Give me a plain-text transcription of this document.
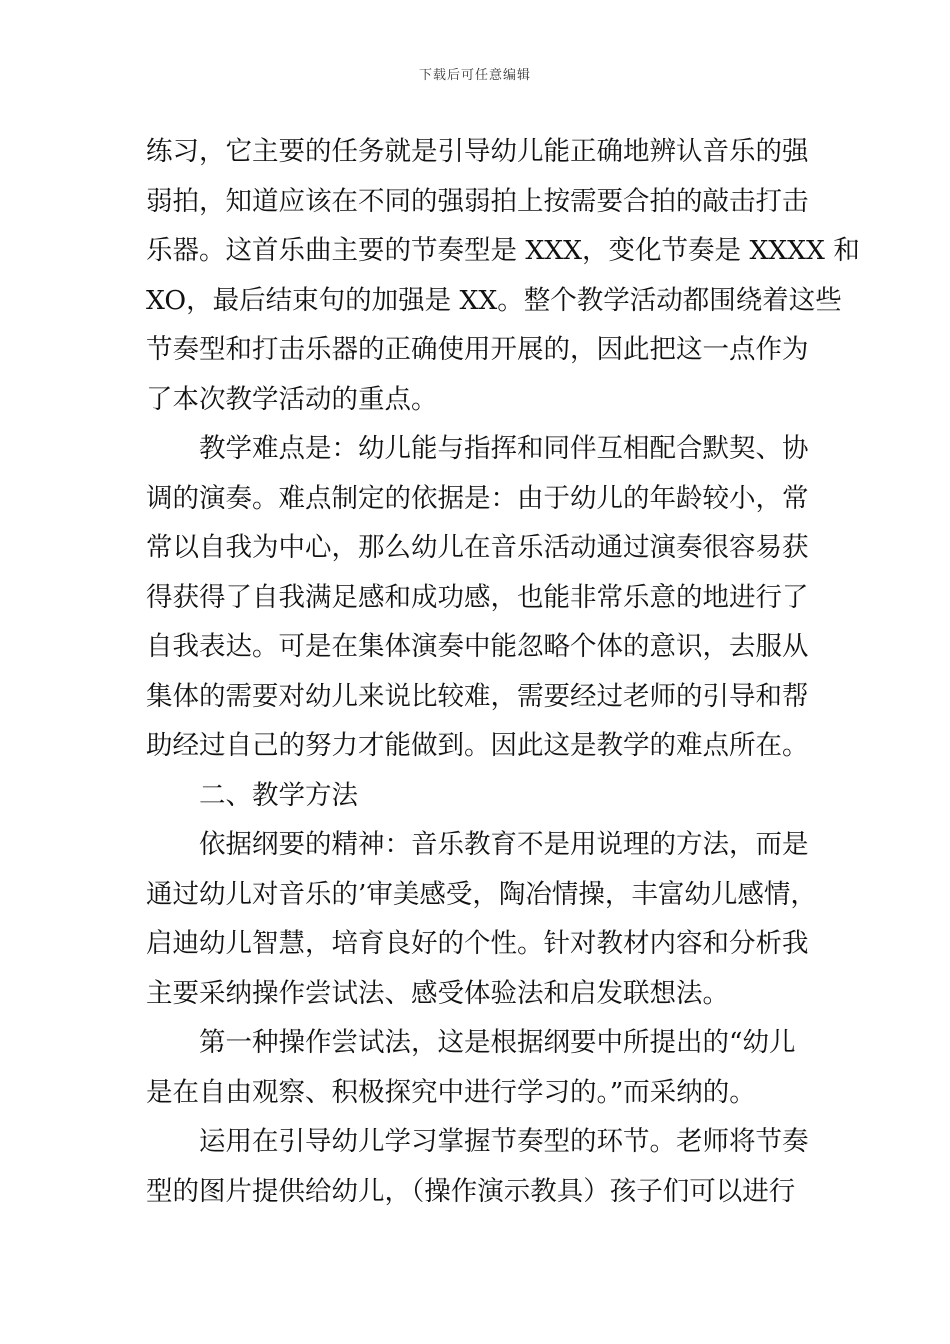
下载后可任意编辑
练习，它主要的任务就是引导幼儿能正确地辨认音乐的强
弱拍，知道应该在不同的强弱拍上按需要合拍的敲击打击
乐器。这首乐曲主要的节奏型是 XXX，变化节奏是 XXXX 和
XO，最后结束句的加强是 XX。整个教学活动都围绕着这些
节奏型和打击乐器的正确使用开展的，因此把这一点作为
了本次教学活动的重点。
教学难点是：幼儿能与指挥和同伴互相配合默契、协
调的演奏。难点制定的依据是：由于幼儿的年龄较小，常
常以自我为中心，那么幼儿在音乐活动通过演奏很容易获
得获得了自我满足感和成功感，也能非常乐意的地进行了
自我表达。可是在集体演奏中能忽略个体的意识，去服从
集体的需要对幼儿来说比较难，需要经过老师的引导和帮
助经过自己的努力才能做到。因此这是教学的难点所在。
二、教学方法
依据纲要的精神：音乐教育不是用说理的方法，而是
通过幼儿对音乐的’审美感受，陶冶情操，丰富幼儿感情，
启迪幼儿智慧，培育良好的个性。针对教材内容和分析我
主要采纳操作尝试法、感受体验法和启发联想法。
第一种操作尝试法，这是根据纲要中所提出的“幼儿
是在自由观察、积极探究中进行学习的。”而采纳的。
运用在引导幼儿学习掌握节奏型的环节。老师将节奏
型的图片提供给幼儿，（操作演示教具）孩子们可以进行
